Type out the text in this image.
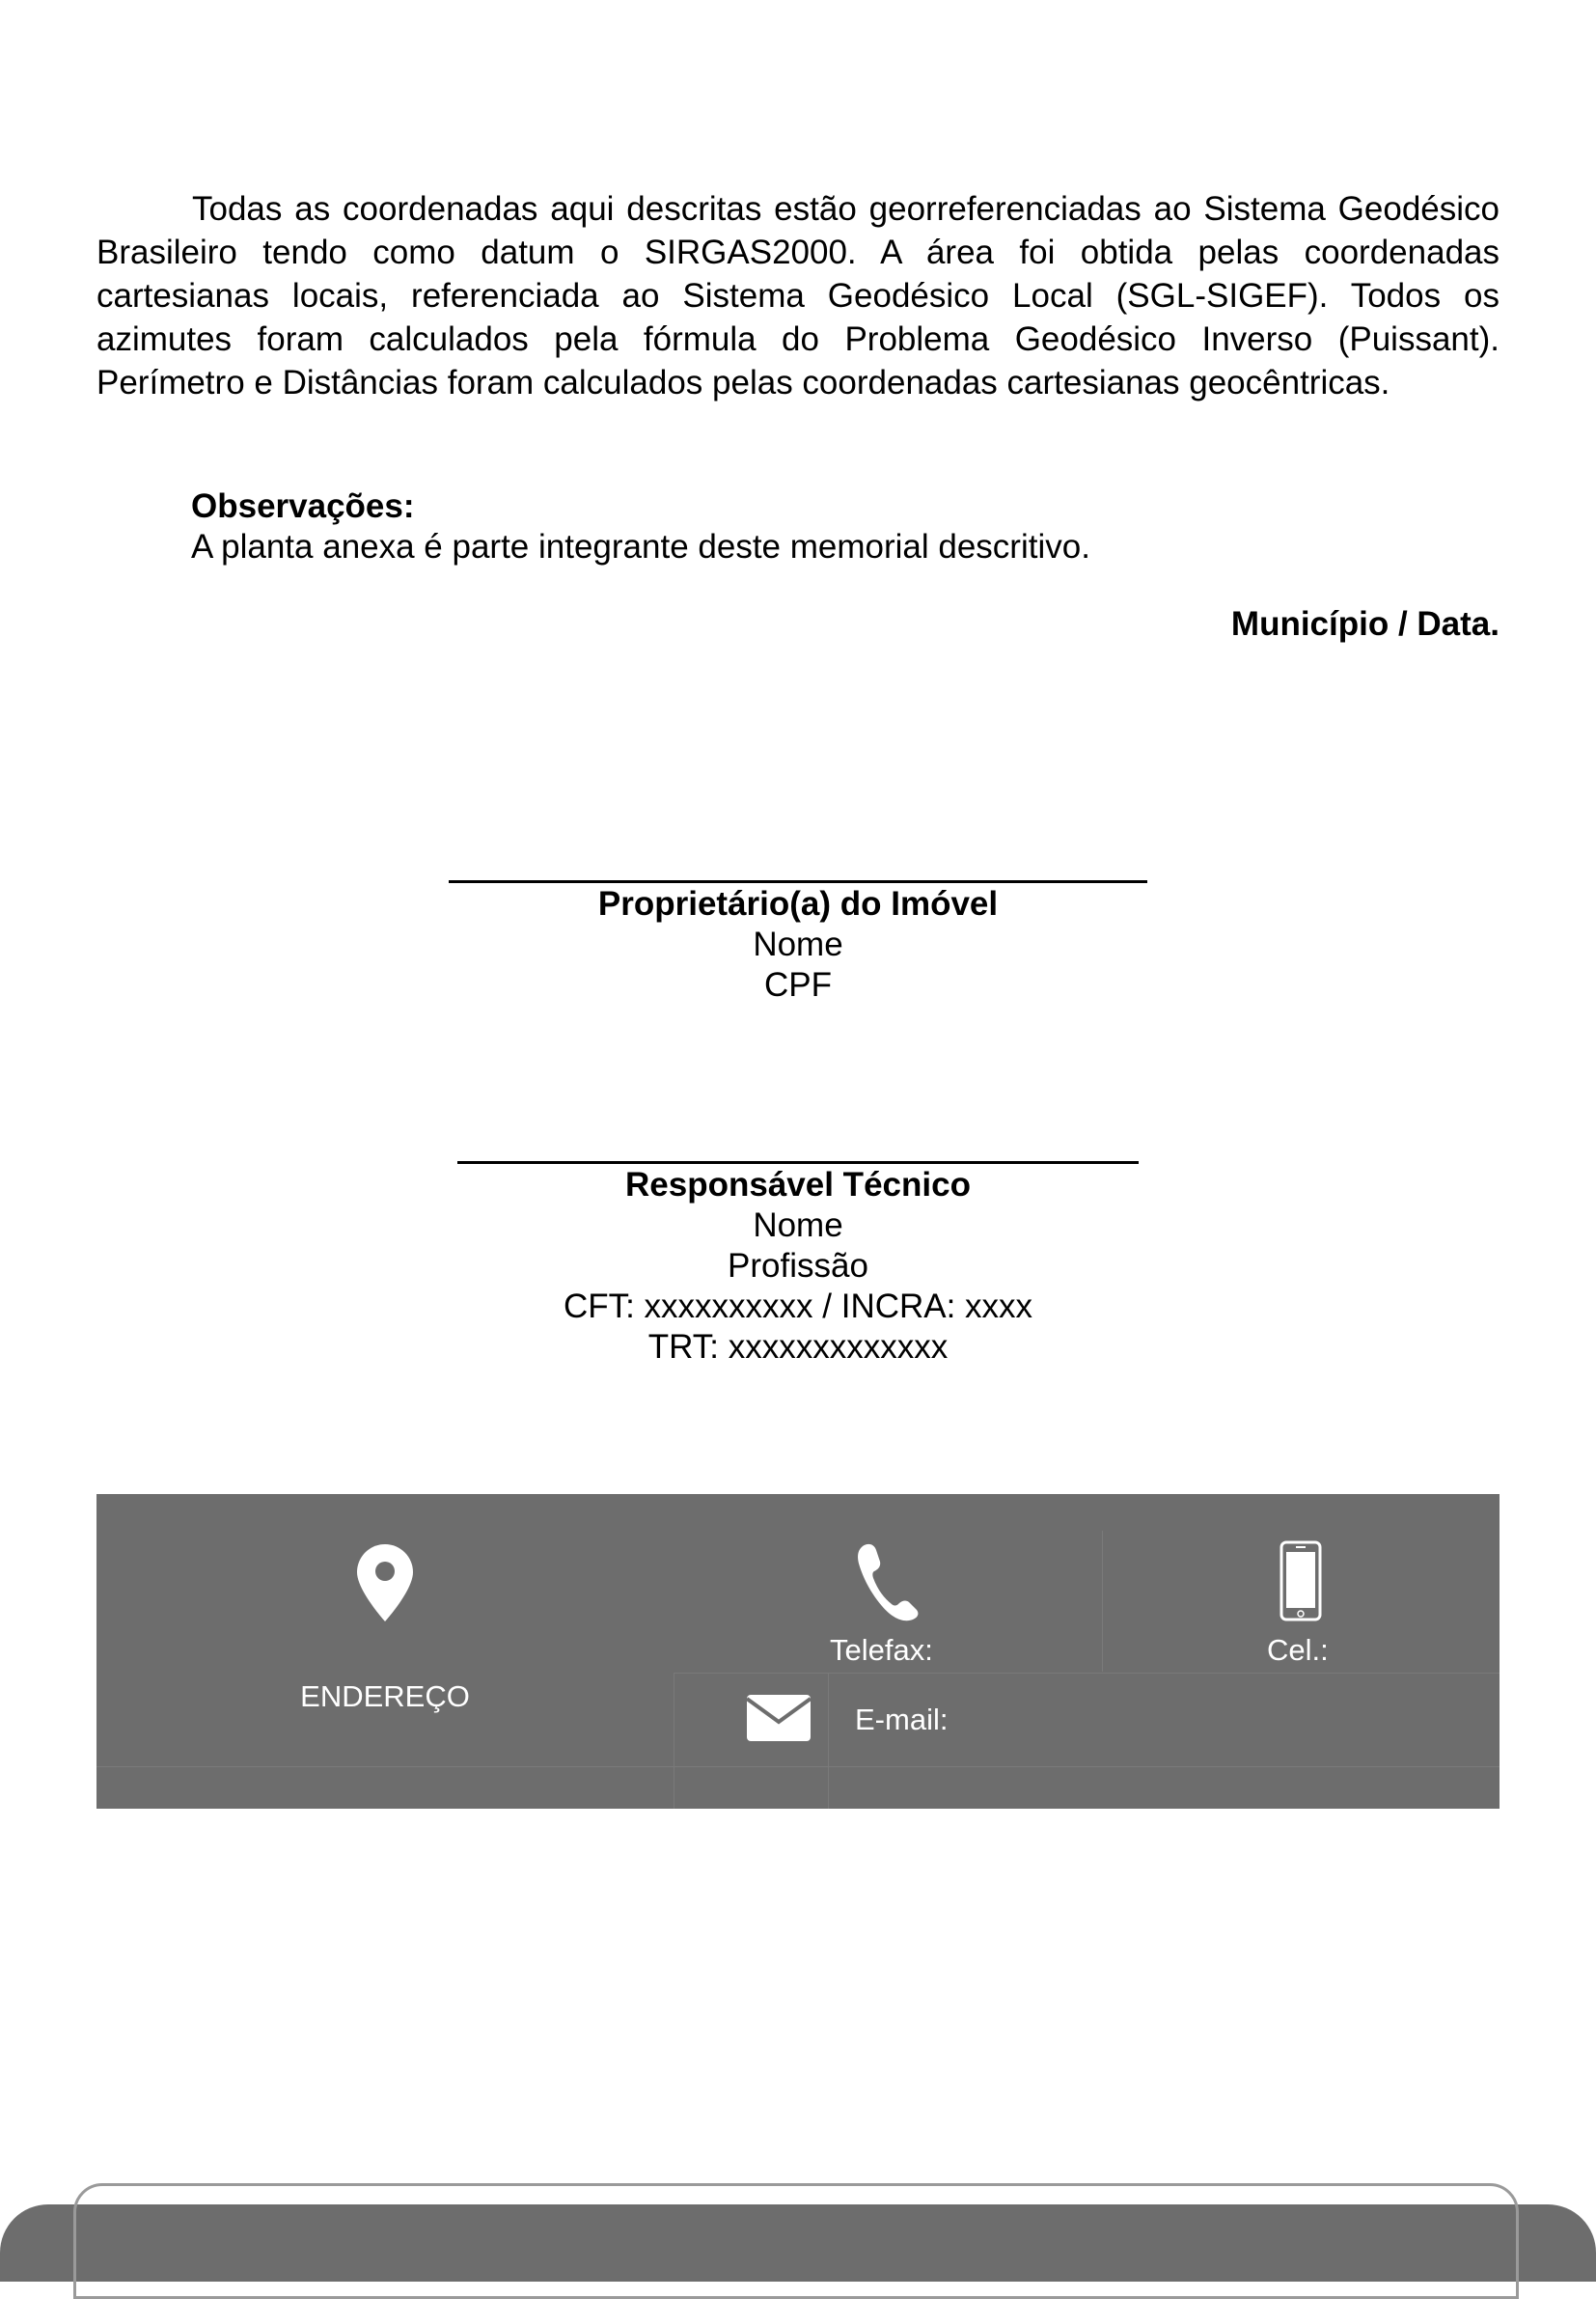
Todas as coordenadas aqui descritas estão georreferenciadas ao Sistema Geodésico Brasileiro tendo como datum o SIRGAS2000. A área foi obtida pelas coordenadas cartesianas locais, referenciada ao Sistema Geodésico Local (SGL-SIGEF). Todos os azimutes foram calculados pela fórmula do Problema Geodésico Inverso (Puissant). Perímetro e Distâncias foram calculados pelas coordenadas cartesianas geocêntricas.

Observações:
A planta anexa é parte integrante deste memorial descritivo.
Município / Data.
Proprietário(a) do Imóvel
Nome
CPF
Responsável Técnico
Nome
Profissão
CFT: xxxxxxxxxx / INCRA: xxxx
TRT: xxxxxxxxxxxxx
ENDEREÇO
Telefax:	Cel.:
E-mail:
